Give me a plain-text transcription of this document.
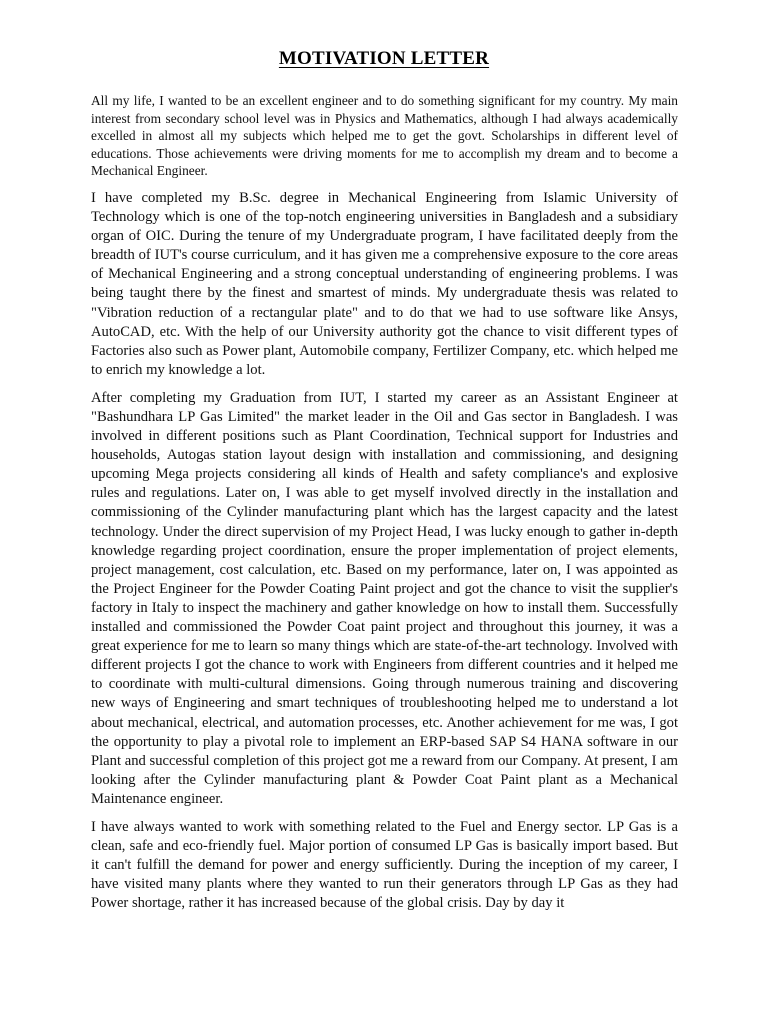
MOTIVATION LETTER

All my life, I wanted to be an excellent engineer and to do something significant for my country. My main interest from secondary school level was in Physics and Mathematics, although I had always academically excelled in almost all my subjects which helped me to get the govt. Scholarships in different level of educations. Those achievements were driving moments for me to accomplish my dream and to become a Mechanical Engineer.

I have completed my B.Sc. degree in Mechanical Engineering from Islamic University of Technology which is one of the top-notch engineering universities in Bangladesh and a subsidiary organ of OIC. During the tenure of my Undergraduate program, I have facilitated deeply from the breadth of IUT's course curriculum, and it has given me a comprehensive exposure to the core areas of Mechanical Engineering and a strong conceptual understanding of engineering problems. I was being taught there by the finest and smartest of minds. My undergraduate thesis was related to "Vibration reduction of a rectangular plate" and to do that we had to use software like Ansys, AutoCAD, etc. With the help of our University authority got the chance to visit different types of Factories also such as Power plant, Automobile company, Fertilizer Company, etc. which helped me to enrich my knowledge a lot.

After completing my Graduation from IUT, I started my career as an Assistant Engineer at "Bashundhara LP Gas Limited" the market leader in the Oil and Gas sector in Bangladesh. I was involved in different positions such as Plant Coordination, Technical support for Industries and households, Autogas station layout design with installation and commissioning, and designing upcoming Mega projects considering all kinds of Health and safety compliance's and explosive rules and regulations. Later on, I was able to get myself involved directly in the installation and commissioning of the Cylinder manufacturing plant which has the largest capacity and the latest technology. Under the direct supervision of my Project Head, I was lucky enough to gather in-depth knowledge regarding project coordination, ensure the proper implementation of project elements, project management, cost calculation, etc. Based on my performance, later on, I was appointed as the Project Engineer for the Powder Coating Paint project and got the chance to visit the supplier's factory in Italy to inspect the machinery and gather knowledge on how to install them. Successfully installed and commissioned the Powder Coat paint project and throughout this journey, it was a great experience for me to learn so many things which are state-of-the-art technology. Involved with different projects I got the chance to work with Engineers from different countries and it helped me to coordinate with multi-cultural dimensions. Going through numerous training and discovering new ways of Engineering and smart techniques of troubleshooting helped me to understand a lot about mechanical, electrical, and automation processes, etc. Another achievement for me was, I got the opportunity to play a pivotal role to implement an ERP-based SAP S4 HANA software in our Plant and successful completion of this project got me a reward from our Company. At present, I am looking after the Cylinder manufacturing plant & Powder Coat Paint plant as a Mechanical Maintenance engineer.

I have always wanted to work with something related to the Fuel and Energy sector. LP Gas is a clean, safe and eco-friendly fuel. Major portion of consumed LP Gas is basically import based. But it can't fulfill the demand for power and energy sufficiently. During the inception of my career, I have visited many plants where they wanted to run their generators through LP Gas as they had Power shortage, rather it has increased because of the global crisis. Day by day it
